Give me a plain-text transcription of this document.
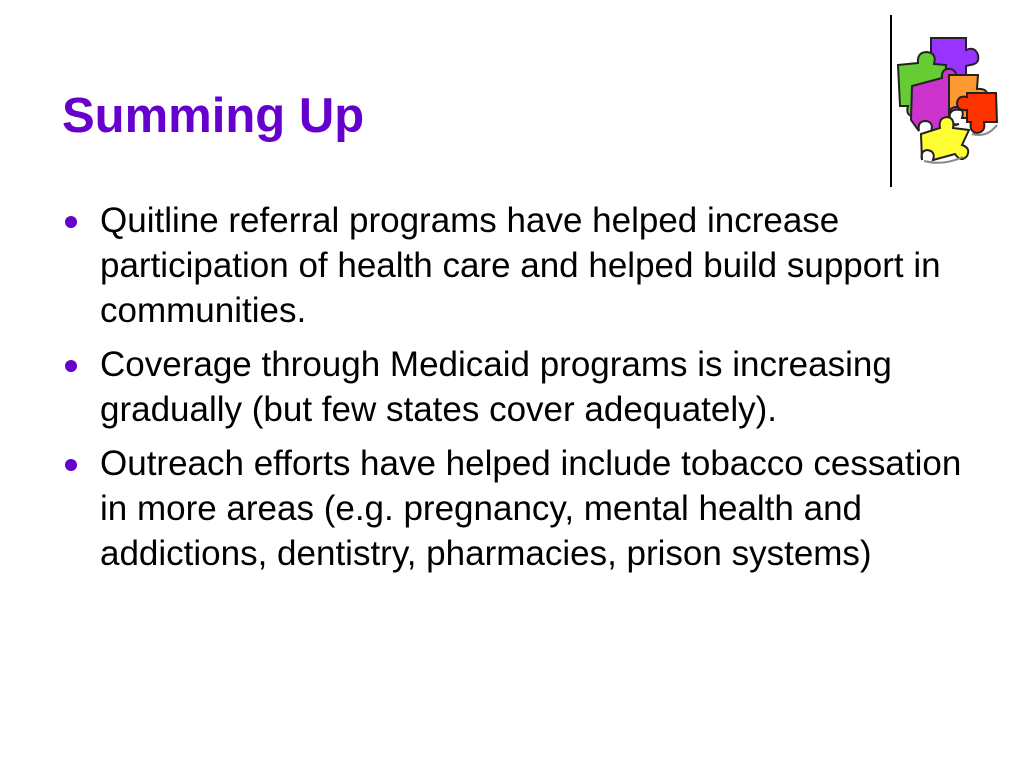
Summing Up
Quitline referral programs have helped increase participation of health care and helped build support in communities.
Coverage through Medicaid programs is increasing gradually (but few states cover adequately).
Outreach efforts have helped include tobacco cessation in more areas (e.g. pregnancy, mental health and addictions, dentistry, pharmacies, prison systems)
